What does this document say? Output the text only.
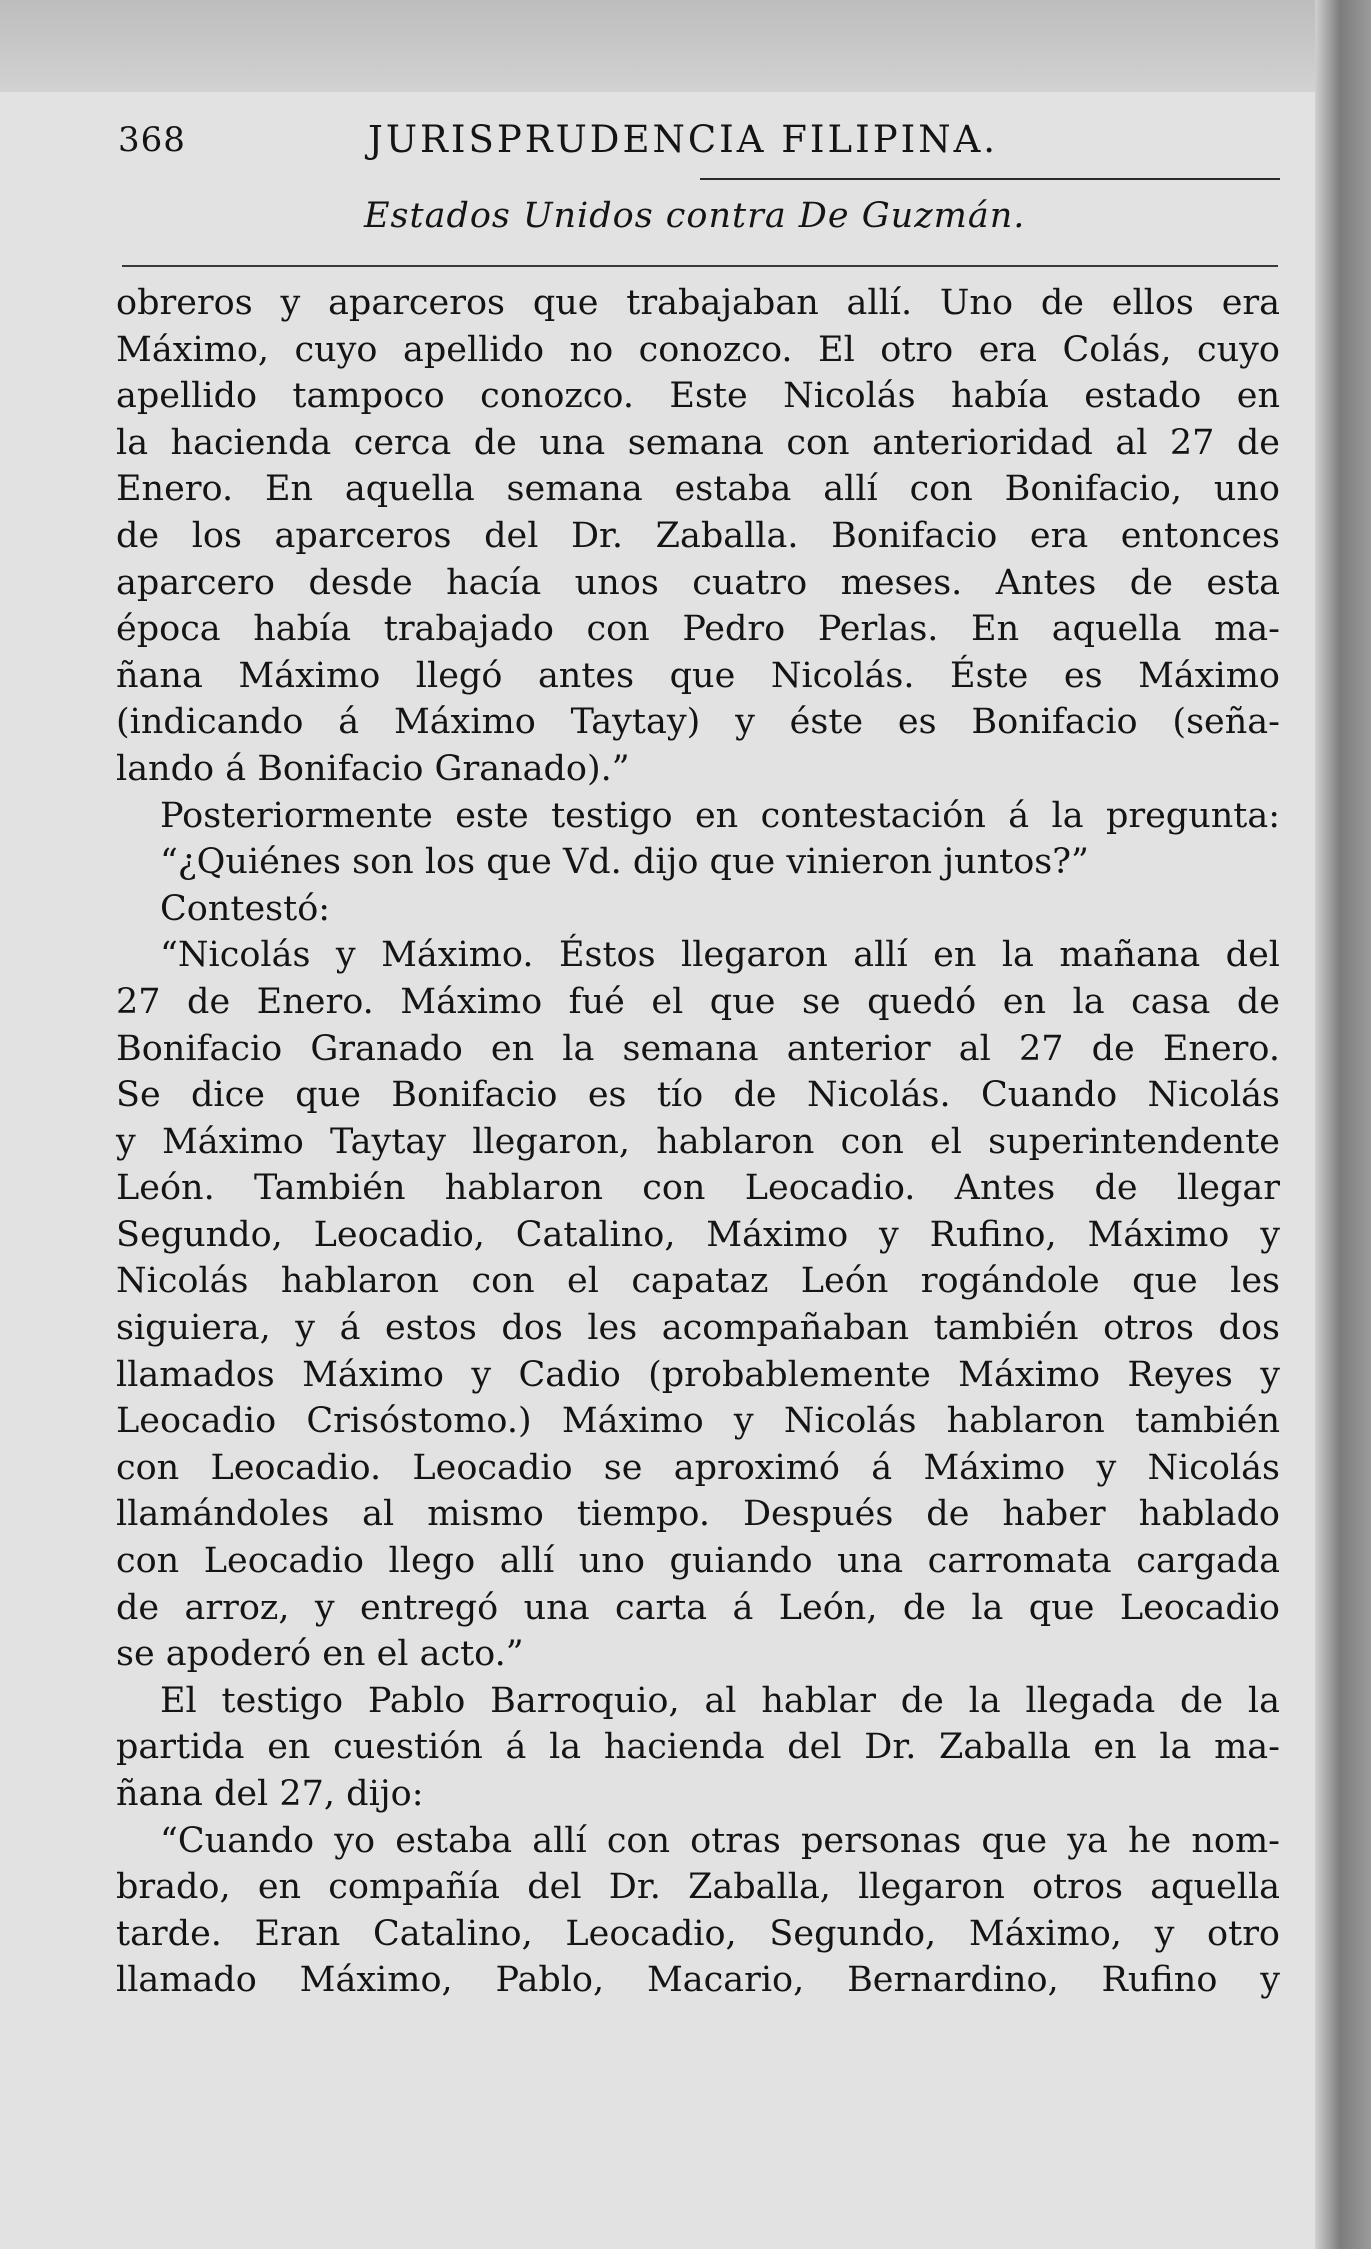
368	JURISPRUDENCIA FILIPINA.
Estados Unidos contra De Guzmán.
obreros y aparceros que trabajaban allí. Uno de ellos era
Máximo, cuyo apellido no conozco. El otro era Colás, cuyo
apellido tampoco conozco. Este Nicolás había estado en
la hacienda cerca de una semana con anterioridad al 27 de
Enero. En aquella semana estaba allí con Bonifacio, uno
de los aparceros del Dr. Zaballa. Bonifacio era entonces
aparcero desde hacía unos cuatro meses. Antes de esta
época había trabajado con Pedro Perlas. En aquella ma-
ñana Máximo llegó antes que Nicolás. Éste es Máximo
(indicando á Máximo Taytay) y éste es Bonifacio (seña-
lando á Bonifacio Granado).”
Posteriormente este testigo en contestación á la pregunta:
“¿Quiénes son los que Vd. dijo que vinieron juntos?”
Contestó:
“Nicolás y Máximo. Éstos llegaron allí en la mañana del
27 de Enero. Máximo fué el que se quedó en la casa de
Bonifacio Granado en la semana anterior al 27 de Enero.
Se dice que Bonifacio es tío de Nicolás. Cuando Nicolás
y Máximo Taytay llegaron, hablaron con el superintendente
León. También hablaron con Leocadio. Antes de llegar
Segundo, Leocadio, Catalino, Máximo y Rufino, Máximo y
Nicolás hablaron con el capataz León rogándole que les
siguiera, y á estos dos les acompañaban también otros dos
llamados Máximo y Cadio (probablemente Máximo Reyes y
Leocadio Crisóstomo.) Máximo y Nicolás hablaron también
con Leocadio. Leocadio se aproximó á Máximo y Nicolás
llamándoles al mismo tiempo. Después de haber hablado
con Leocadio llego allí uno guiando una carromata cargada
de arroz, y entregó una carta á León, de la que Leocadio
se apoderó en el acto.”
El testigo Pablo Barroquio, al hablar de la llegada de la
partida en cuestión á la hacienda del Dr. Zaballa en la ma-
ñana del 27, dijo:
“Cuando yo estaba allí con otras personas que ya he nom-
brado, en compañía del Dr. Zaballa, llegaron otros aquella
tarde. Eran Catalino, Leocadio, Segundo, Máximo, y otro
llamado Máximo, Pablo, Macario, Bernardino, Rufino y
